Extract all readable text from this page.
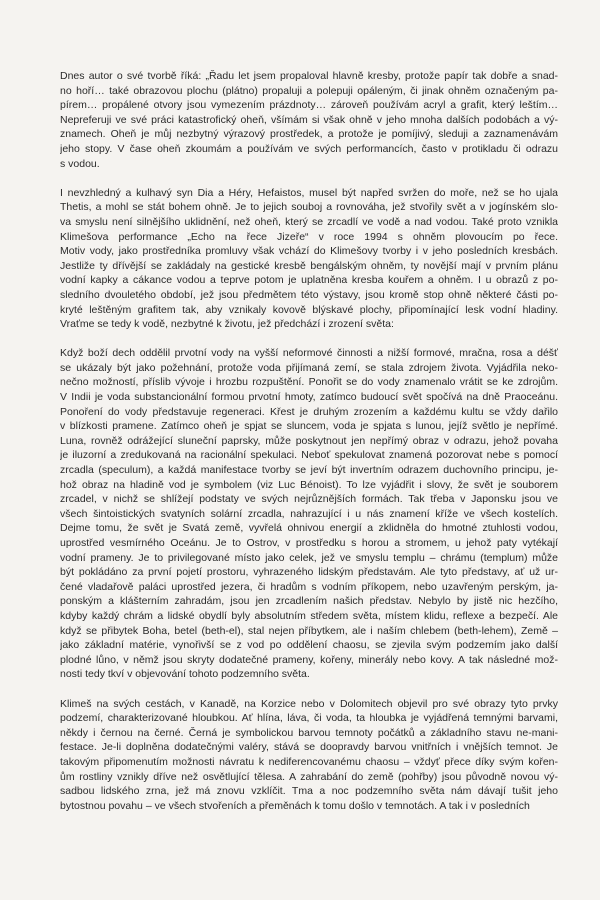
Dnes autor o své tvorbě říká: „Řadu let jsem propaloval hlavně kresby, protože papír tak dobře a snad-
no hoří… také obrazovou plochu (plátno) propaluji a polepuji opáleným, či jinak ohněm označeným pa-
pírem… propálené otvory jsou vymezením prázdnoty… zároveň používám acryl a grafit, který leštím…
Nepreferuji ve své práci katastrofický oheň, všímám si však ohně v jeho mnoha dalších podobách a vý-
znamech. Oheň je můj nezbytný výrazový prostředek, a protože je pomíjivý, sleduji a zaznamenávám
jeho stopy. V čase oheň zkoumám a používám ve svých performancích, často v protikladu či odrazu
s vodou.

I nevzhledný a kulhavý syn Dia a Héry, Hefaistos, musel být napřed svržen do moře, než se ho ujala
Thetis, a mohl se stát bohem ohně. Je to jejich souboj a rovnováha, jež stvořily svět a v jogínském slo-
va smyslu není silnějšího uklidnění, než oheň, který se zrcadlí ve vodě a nad vodou. Také proto vznikla
Klimešova performance „Echo na řece Jizeře“ v roce 1994 s ohněm plovoucím po řece.
Motiv vody, jako prostředníka promluvy však vchází do Klimešovy tvorby i v jeho posledních kresbách.
Jestliže ty dřívější se zakládaly na gestické kresbě bengálským ohněm, ty novější mají v prvním plánu
vodní kapky a cákance vodou a teprve potom je uplatněna kresba kouřem a ohněm. I u obrazů z po-
sledního dvouletého období, jež jsou předmětem této výstavy, jsou kromě stop ohně některé části po-
kryté leštěným grafitem tak, aby vznikaly kovově blýskavé plochy, připomínající lesk vodní hladiny.
Vraťme se tedy k vodě, nezbytné k životu, jež předchází i zrození světa:

Když boží dech oddělil prvotní vody na vyšší neformové činnosti a nižší formové, mračna, rosa a déšť
se ukázaly být jako požehnání, protože voda přijímaná zemí, se stala zdrojem života. Vyjádřila neko-
nečno možností, příslib vývoje i hrozbu rozpuštění. Ponořit se do vody znamenalo vrátit se ke zdrojům.
V Indii je voda substancionální formou prvotní hmoty, zatímco budoucí svět spočívá na dně Praoceánu.
Ponoření do vody představuje regeneraci. Křest je druhým zrozením a každému kultu se vždy dařilo
v blízkosti pramene. Zatímco oheň je spjat se sluncem, voda je spjata s lunou, jejíž světlo je nepřímé.
Luna, rovněž odrážející sluneční paprsky, může poskytnout jen nepřímý obraz v odrazu, jehož povaha
je iluzorní a zredukovaná na racionální spekulaci. Neboť spekulovat znamená pozorovat nebe s pomocí
zrcadla (speculum), a každá manifestace tvorby se jeví být invertním odrazem duchovního principu, je-
hož obraz na hladině vod je symbolem (viz Luc Bénoist). To lze vyjádřit i slovy, že svět je souborem
zrcadel, v nichž se shlížejí podstaty ve svých nejrůznějších formách. Tak třeba v Japonsku jsou ve
všech šintoistických svatyních solární zrcadla, nahrazující i u nás znamení kříže ve všech kostelích.
Dejme tomu, že svět je Svatá země, vyvřelá ohnivou energií a zklidněla do hmotné ztuhlosti vodou,
uprostřed vesmírného Oceánu. Je to Ostrov, v prostředku s horou a stromem, u jehož paty vytékají
vodní prameny. Je to privilegované místo jako celek, jež ve smyslu templu – chrámu (templum) může
být pokládáno za první pojetí prostoru, vyhrazeného lidským představám. Ale tyto představy, ať už ur-
čené vladařově paláci uprostřed jezera, či hradům s vodním příkopem, nebo uzavřeným perským, ja-
ponským a klášterním zahradám, jsou jen zrcadlením našich představ. Nebylo by jistě nic hezčího,
kdyby každý chrám a lidské obydlí byly absolutním středem světa, místem klidu, reflexe a bezpečí. Ale
když se přibytek Boha, betel (beth-el), stal nejen příbytkem, ale i naším chlebem (beth-lehem), Země –
jako základní matérie, vynořivší se z vod po oddělení chaosu, se zjevila svým podzemím jako další
plodné lůno, v němž jsou skryty dodatečné prameny, kořeny, minerály nebo kovy. A tak následné mož-
nosti tedy tkví v objevování tohoto podzemního světa.

Klimeš na svých cestách, v Kanadě, na Korzice nebo v Dolomitech objevil pro své obrazy tyto prvky
podzemí, charakterizované hloubkou. Ať hlína, láva, či voda, ta hloubka je vyjádřená temnými barvami,
někdy i černou na černé. Černá je symbolickou barvou temnoty počátků a základního stavu ne-mani-
festace. Je-li doplněna dodatečnými valéry, stává se doopravdy barvou vnitřních i vnějších temnot. Je
takovým připomenutím možnosti návratu k nediferencovanému chaosu – vždyť přece díky svým kořen-
ům rostliny vznikly dříve než osvětlující tělesa. A zahrabání do země (pohřby) jsou původně novou vý-
sadbou lidského zrna, jež má znovu vzklíčit. Tma a noc podzemního světa nám dávají tušit jeho
bytostnou povahu – ve všech stvořeních a přeměnách k tomu došlo v temnotách. A tak i v posledních
